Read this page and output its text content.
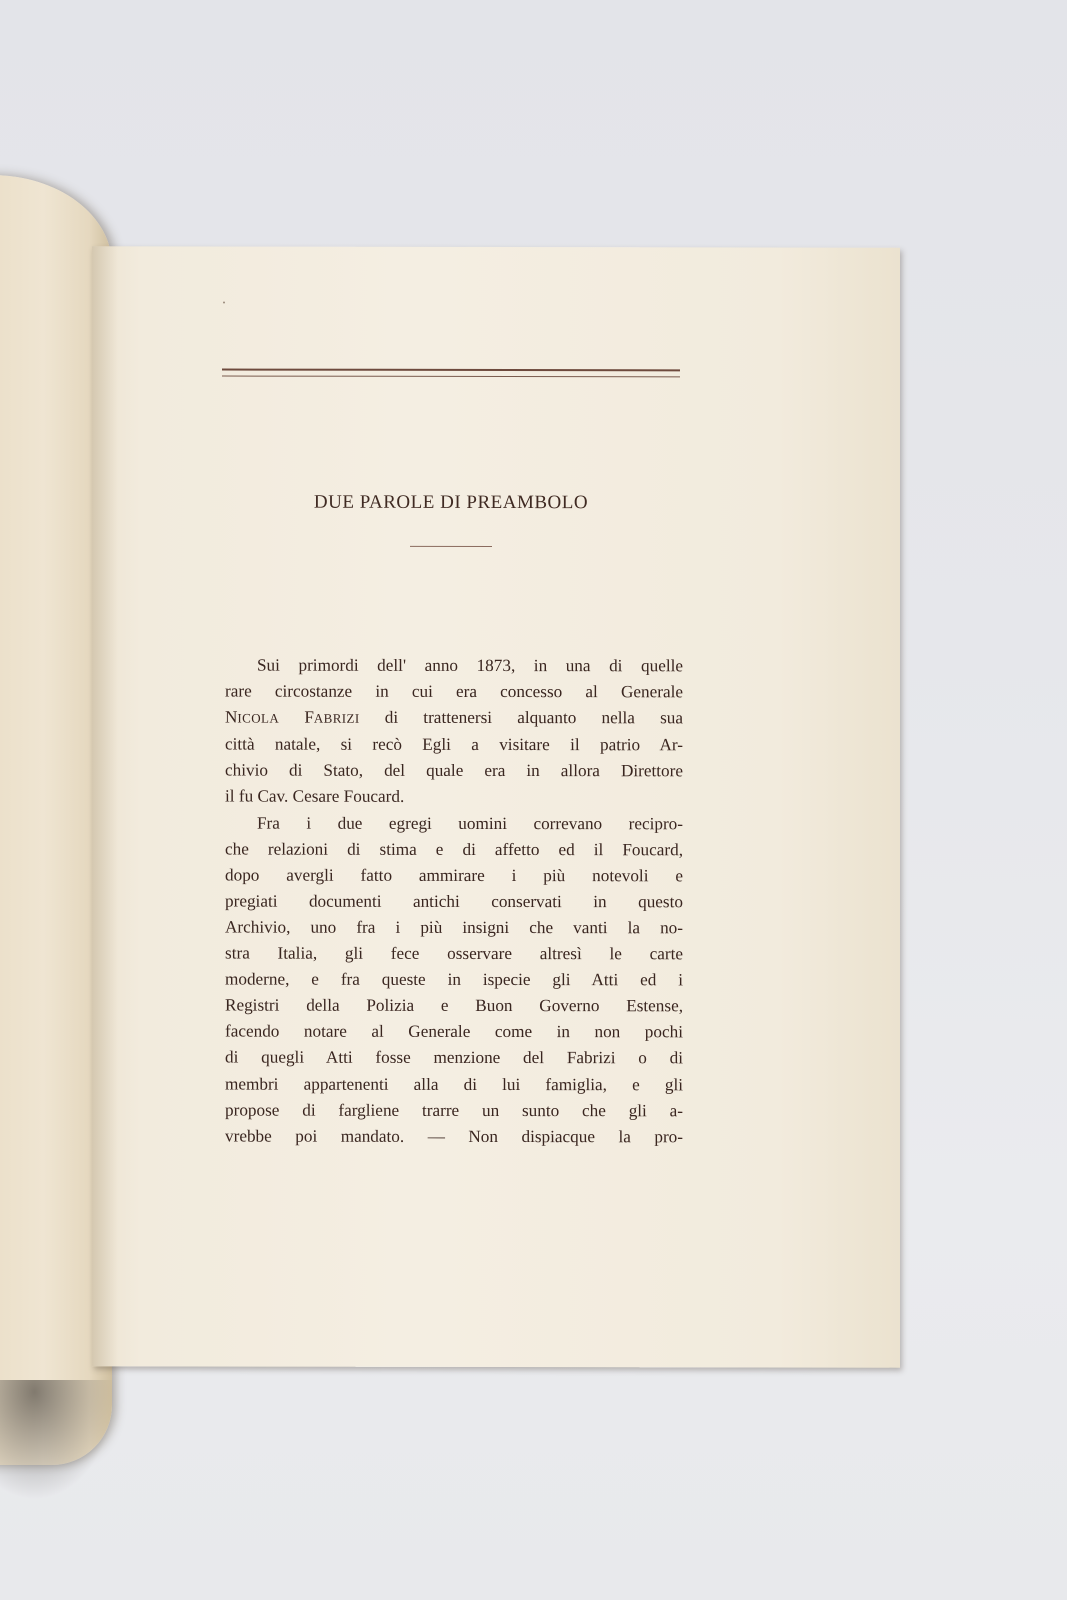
DUE PAROLE DI PREAMBOLO
Sui primordi dell' anno 1873, in una di quelle
rare circostanze in cui era concesso al Generale
NICOLA FABRIZI di trattenersi alquanto nella sua
città natale, si recò Egli a visitare il patrio Ar-
chivio di Stato, del quale era in allora Direttore
il fu Cav. Cesare Foucard.
Fra i due egregi uomini correvano recipro-
che relazioni di stima e di affetto ed il Foucard,
dopo avergli fatto ammirare i più notevoli e
pregiati documenti antichi conservati in questo
Archivio, uno fra i più insigni che vanti la no-
stra Italia, gli fece osservare altresì le carte
moderne, e fra queste in ispecie gli Atti ed i
Registri della Polizia e Buon Governo Estense,
facendo notare al Generale come in non pochi
di quegli Atti fosse menzione del Fabrizi o di
membri appartenenti alla di lui famiglia, e gli
propose di fargliene trarre un sunto che gli a-
vrebbe poi mandato. — Non dispiacque la pro-
